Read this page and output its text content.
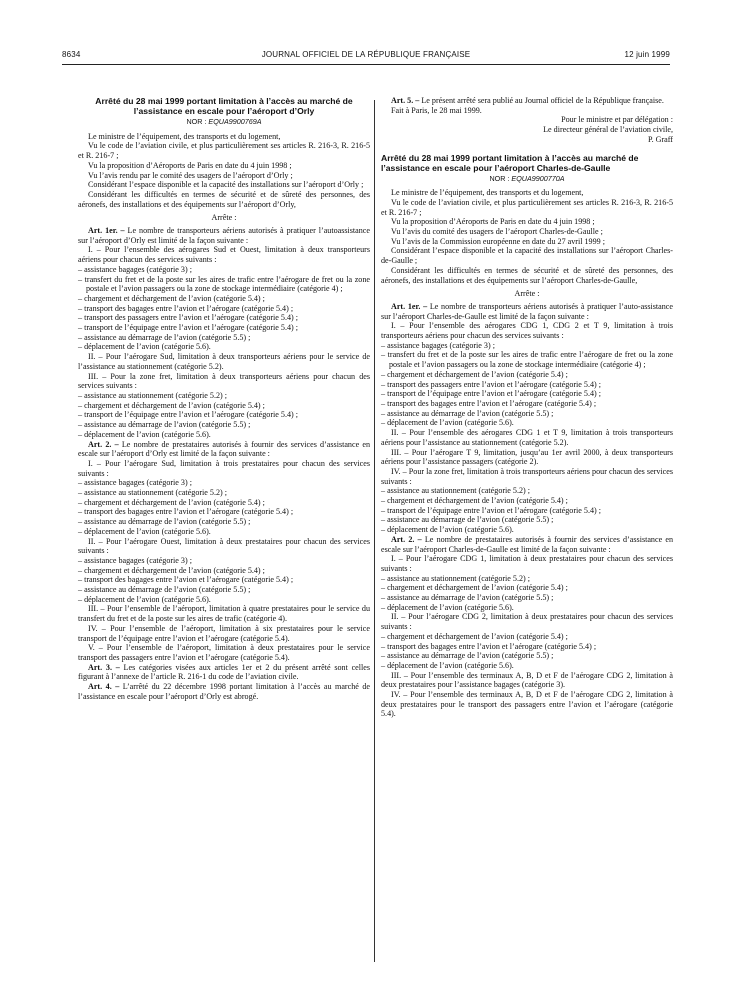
8634	JOURNAL OFFICIEL DE LA RÉPUBLIQUE FRANÇAISE	12 juin 1999
Arrêté du 28 mai 1999 portant limitation à l’accès au marché de l’assistance en escale pour l’aéroport d’Orly
NOR : EQUA9900769A

Le ministre de l’équipement, des transports et du logement,

Vu le code de l’aviation civile, et plus particulièrement ses articles R. 216-3, R. 216-5 et R. 216-7 ;

Vu la proposition d’Aéroports de Paris en date du 4 juin 1998 ;

Vu l’avis rendu par le comité des usagers de l’aéroport d’Orly ;

Considérant l’espace disponible et la capacité des installations sur l’aéroport d’Orly ;

Considérant les difficultés en termes de sécurité et de sûreté des personnes, des aéronefs, des installations et des équipements sur l’aéroport d’Orly,

Arrête :

Art. 1er. – Le nombre de transporteurs aériens autorisés à pratiquer l’autoassistance sur l’aéroport d’Orly est limité de la façon suivante :

I. – Pour l’ensemble des aérogares Sud et Ouest, limitation à deux transporteurs aériens pour chacun des services suivants :

– assistance bagages (catégorie 3) ;

– transfert du fret et de la poste sur les aires de trafic entre l’aérogare de fret ou la zone postale et l’avion passagers ou la zone de stockage intermédiaire (catégorie 4) ;

– chargement et déchargement de l’avion (catégorie 5.4) ;

– transport des bagages entre l’avion et l’aérogare (catégorie 5.4) ;

– transport des passagers entre l’avion et l’aérogare (catégorie 5.4) ;

– transport de l’équipage entre l’avion et l’aérogare (catégorie 5.4) ;

– assistance au démarrage de l’avion (catégorie 5.5) ;

– déplacement de l’avion (catégorie 5.6).

II. – Pour l’aérogare Sud, limitation à deux transporteurs aériens pour le service de l’assistance au stationnement (catégorie 5.2).

III. – Pour la zone fret, limitation à deux transporteurs aériens pour chacun des services suivants :

– assistance au stationnement (catégorie 5.2) ;

– chargement et déchargement de l’avion (catégorie 5.4) ;

– transport de l’équipage entre l’avion et l’aérogare (catégorie 5.4) ;

– assistance au démarrage de l’avion (catégorie 5.5) ;

– déplacement de l’avion (catégorie 5.6).

Art. 2. – Le nombre de prestataires autorisés à fournir des services d’assistance en escale sur l’aéroport d’Orly est limité de la façon suivante :

I. – Pour l’aérogare Sud, limitation à trois prestataires pour chacun des services suivants :

– assistance bagages (catégorie 3) ;

– assistance au stationnement (catégorie 5.2) ;

– chargement et déchargement de l’avion (catégorie 5.4) ;

– transport des bagages entre l’avion et l’aérogare (catégorie 5.4) ;

– assistance au démarrage de l’avion (catégorie 5.5) ;

– déplacement de l’avion (catégorie 5.6).

II. – Pour l’aérogare Ouest, limitation à deux prestataires pour chacun des services suivants :

– assistance bagages (catégorie 3) ;

– chargement et déchargement de l’avion (catégorie 5.4) ;

– transport des bagages entre l’avion et l’aérogare (catégorie 5.4) ;

– assistance au démarrage de l’avion (catégorie 5.5) ;

– déplacement de l’avion (catégorie 5.6).

III. – Pour l’ensemble de l’aéroport, limitation à quatre prestataires pour le service du transfert du fret et de la poste sur les aires de trafic (catégorie 4).

IV. – Pour l’ensemble de l’aéroport, limitation à six prestataires pour le service transport de l’équipage entre l’avion et l’aérogare (catégorie 5.4).

V. – Pour l’ensemble de l’aéroport, limitation à deux prestataires pour le service transport des passagers entre l’avion et l’aérogare (catégorie 5.4).

Art. 3. – Les catégories visées aux articles 1er et 2 du présent arrêté sont celles figurant à l’annexe de l’article R. 216-1 du code de l’aviation civile.

Art. 4. – L’arrêté du 22 décembre 1998 portant limitation à l’accès au marché de l’assistance en escale pour l’aéroport d’Orly est abrogé.

Art. 5. – Le présent arrêté sera publié au Journal officiel de la République française.

Fait à Paris, le 28 mai 1999.

Pour le ministre et par délégation :

Le directeur général de l’aviation civile,

P. Graff

Arrêté du 28 mai 1999 portant limitation à l’accès au marché de l’assistance en escale pour l’aéroport Charles-de-Gaulle
NOR : EQUA9900770A

Le ministre de l’équipement, des transports et du logement,

Vu le code de l’aviation civile, et plus particulièrement ses articles R. 216-3, R. 216-5 et R. 216-7 ;

Vu la proposition d’Aéroports de Paris en date du 4 juin 1998 ;

Vu l’avis du comité des usagers de l’aéroport Charles-de-Gaulle ;

Vu l’avis de la Commission européenne en date du 27 avril 1999 ;

Considérant l’espace disponible et la capacité des installations sur l’aéroport Charles-de-Gaulle ;

Considérant les difficultés en termes de sécurité et de sûreté des personnes, des aéronefs, des installations et des équipements sur l’aéroport Charles-de-Gaulle,

Arrête :

Art. 1er. – Le nombre de transporteurs aériens autorisés à pratiquer l’auto-assistance sur l’aéroport Charles-de-Gaulle est limité de la façon suivante :

I. – Pour l’ensemble des aérogares CDG 1, CDG 2 et T 9, limitation à trois transporteurs aériens pour chacun des services suivants :

– assistance bagages (catégorie 3) ;

– transfert du fret et de la poste sur les aires de trafic entre l’aérogare de fret ou la zone postale et l’avion passagers ou la zone de stockage intermédiaire (catégorie 4) ;

– chargement et déchargement de l’avion (catégorie 5.4) ;

– transport des passagers entre l’avion et l’aérogare (catégorie 5.4) ;

– transport de l’équipage entre l’avion et l’aérogare (catégorie 5.4) ;

– transport des bagages entre l’avion et l’aérogare (catégorie 5.4) ;

– assistance au démarrage de l’avion (catégorie 5.5) ;

– déplacement de l’avion (catégorie 5.6).

II. – Pour l’ensemble des aérogares CDG 1 et T 9, limitation à trois transporteurs aériens pour l’assistance au stationnement (catégorie 5.2).

III. – Pour l’aérogare T 9, limitation, jusqu’au 1er avril 2000, à deux transporteurs aériens pour l’assistance passagers (catégorie 2).

IV. – Pour la zone fret, limitation à trois transporteurs aériens pour chacun des services suivants :

– assistance au stationnement (catégorie 5.2) ;

– chargement et déchargement de l’avion (catégorie 5.4) ;

– transport de l’équipage entre l’avion et l’aérogare (catégorie 5.4) ;

– assistance au démarrage de l’avion (catégorie 5.5) ;

– déplacement de l’avion (catégorie 5.6).

Art. 2. – Le nombre de prestataires autorisés à fournir des services d’assistance en escale sur l’aéroport Charles-de-Gaulle est limité de la façon suivante :

I. – Pour l’aérogare CDG 1, limitation à deux prestataires pour chacun des services suivants :

– assistance au stationnement (catégorie 5.2) ;

– chargement et déchargement de l’avion (catégorie 5.4) ;

– assistance au démarrage de l’avion (catégorie 5.5) ;

– déplacement de l’avion (catégorie 5.6).

II. – Pour l’aérogare CDG 2, limitation à deux prestataires pour chacun des services suivants :

– chargement et déchargement de l’avion (catégorie 5.4) ;

– transport des bagages entre l’avion et l’aérogare (catégorie 5.4) ;

– assistance au démarrage de l’avion (catégorie 5.5) ;

– déplacement de l’avion (catégorie 5.6).

III. – Pour l’ensemble des terminaux A, B, D et F de l’aérogare CDG 2, limitation à deux prestataires pour l’assistance bagages (catégorie 3).

IV. – Pour l’ensemble des terminaux A, B, D et F de l’aérogare CDG 2, limitation à deux prestataires pour le transport des passagers entre l’avion et l’aérogare (catégorie 5.4).
